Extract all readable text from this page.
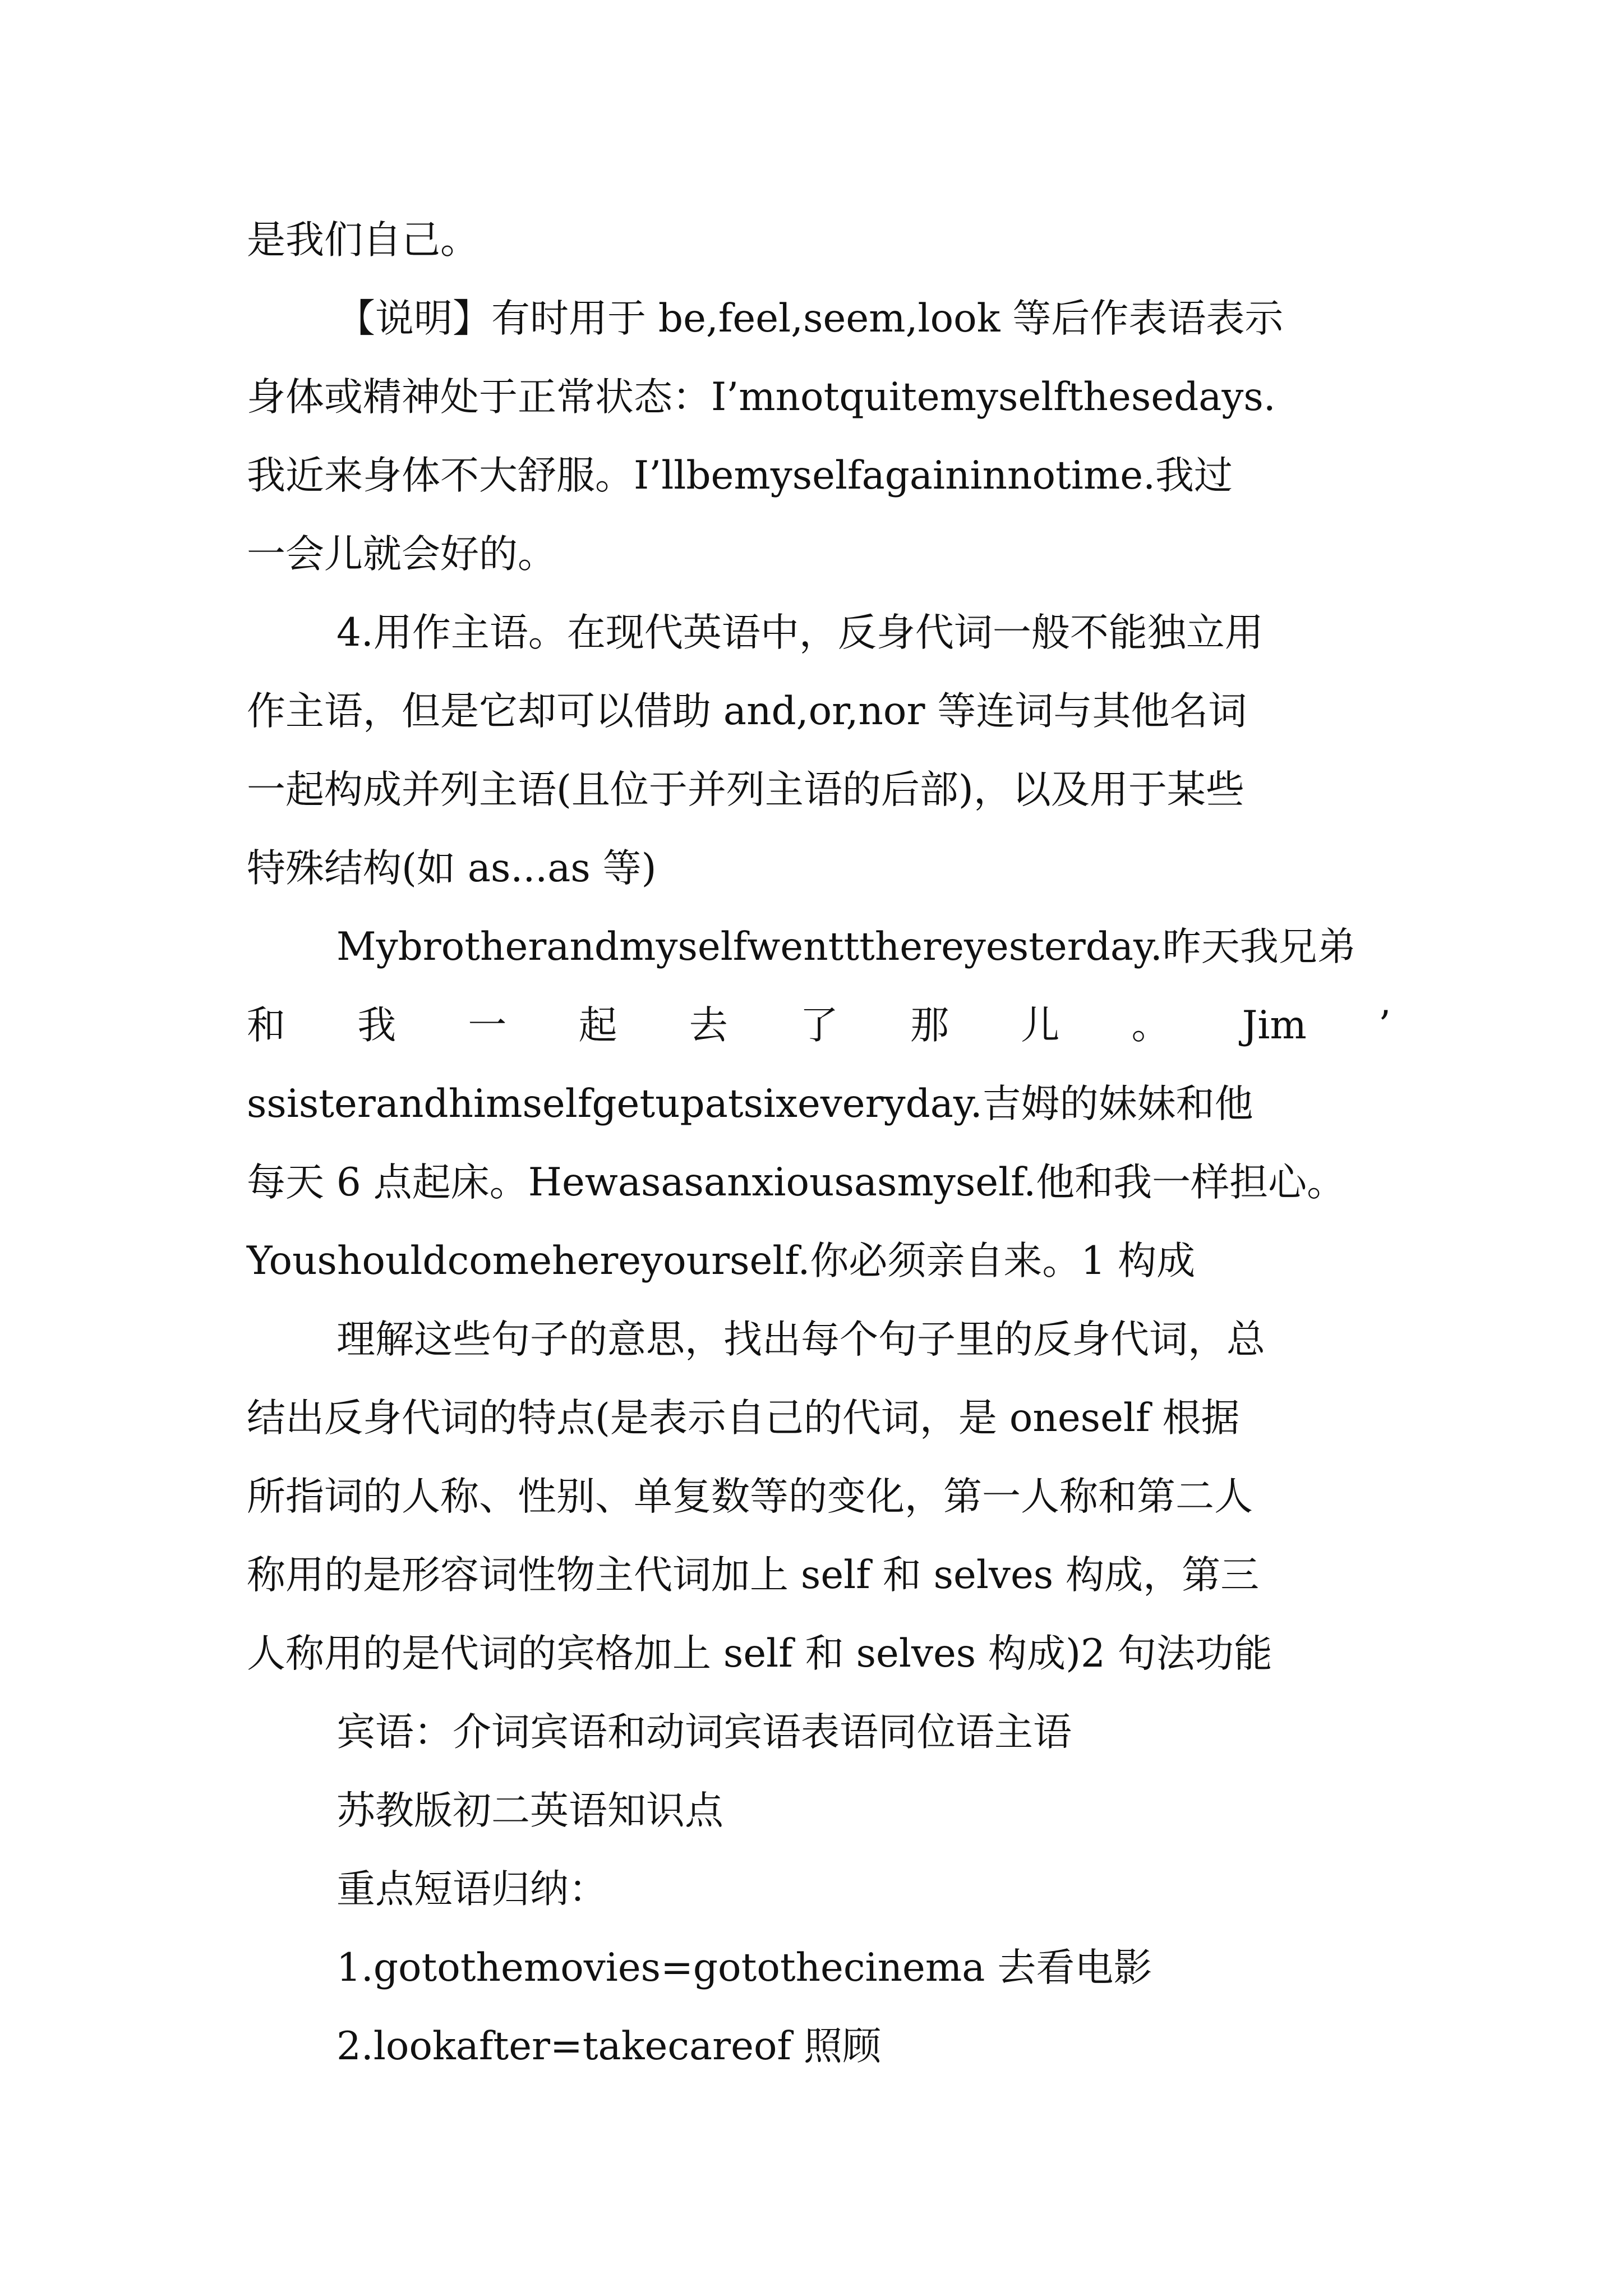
是我们自己。

【说明】有时用于 be,feel,seem,look 等后作表语表示

身体或精神处于正常状态：I’mnotquitemyselfthesedays.

我近来身体不大舒服。I’llbemyselfagaininnotime.我过

一会儿就会好的。

4.用作主语。在现代英语中，反身代词一般不能独立用

作主语，但是它却可以借助 and,or,nor 等连词与其他名词

一起构成并列主语(且位于并列主语的后部)，以及用于某些

特殊结构(如 as...as 等)

Mybrotherandmyselfwenttthereyesterday.昨天我兄弟

和 我 一 起 去 了 那 儿 。 Jim ’

ssisterandhimselfgetupatsixeveryday.吉姆的妹妹和他

每天 6 点起床。Hewasasanxiousasmyself.他和我一样担心。

Youshouldcomehereyourself.你必须亲自来。1 构成

理解这些句子的意思，找出每个句子里的反身代词，总

结出反身代词的特点(是表示自己的代词，是 oneself 根据

所指词的人称、性别、单复数等的变化，第一人称和第二人

称用的是形容词性物主代词加上 self 和 selves 构成，第三

人称用的是代词的宾格加上 self 和 selves 构成)2 句法功能

宾语：介词宾语和动词宾语表语同位语主语

苏教版初二英语知识点

重点短语归纳：

1.gotothemovies=gotothecinema 去看电影

2.lookafter=takecareof 照顾
